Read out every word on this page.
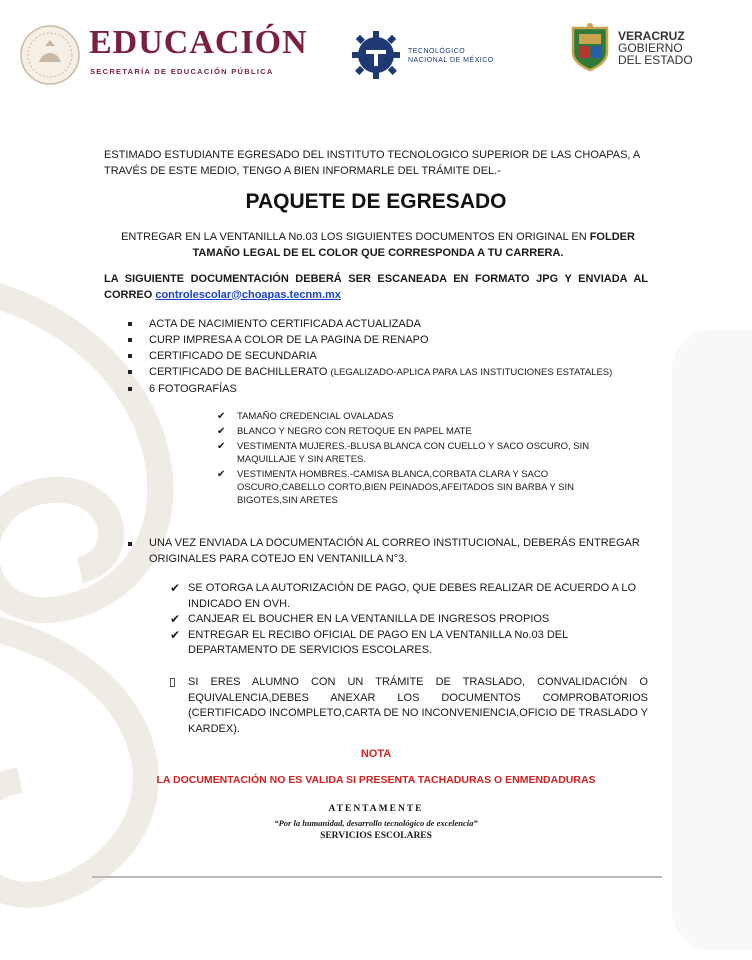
EDUCACIÓN
SECRETARÍA DE EDUCACIÓN PÚBLICA
TECNOLÓGICO
NACIONAL DE MÉXICO
VERACRUZ
GOBIERNO
DEL ESTADO
ESTIMADO ESTUDIANTE EGRESADO DEL INSTITUTO TECNOLOGICO SUPERIOR DE LAS CHOAPAS, A TRAVÉS DE ESTE MEDIO, TENGO A BIEN INFORMARLE DEL TRÁMITE DEL.-
PAQUETE DE EGRESADO
ENTREGAR EN LA VENTANILLA No.03 LOS SIGUIENTES DOCUMENTOS EN ORIGINAL EN FOLDER TAMAÑO LEGAL DE EL COLOR QUE CORRESPONDA A TU CARRERA.
LA SIGUIENTE DOCUMENTACIÓN DEBERÁ SER ESCANEADA EN FORMATO JPG Y ENVIADA AL CORREO controlescolar@choapas.tecnm.mx
ACTA DE NACIMIENTO CERTIFICADA ACTUALIZADA
CURP IMPRESA A COLOR DE LA PAGINA DE RENAPO
CERTIFICADO DE SECUNDARIA
CERTIFICADO DE BACHILLERATO (LEGALIZADO-APLICA PARA LAS INSTITUCIONES ESTATALES)
6 FOTOGRAFÍAS
✔ TAMAÑO CREDENCIAL OVALADAS
✔ BLANCO Y NEGRO CON RETOQUE EN PAPEL MATE
✔ VESTIMENTA MUJERES.-BLUSA BLANCA CON CUELLO Y SACO OSCURO, SIN MAQUILLAJE Y SIN ARETES.
✔ VESTIMENTA HOMBRES.-CAMISA BLANCA,CORBATA CLARA Y SACO OSCURO,CABELLO CORTO,BIEN PEINADOS,AFEITADOS SIN BARBA Y SIN BIGOTES,SIN ARETES
UNA VEZ ENVIADA LA DOCUMENTACIÓN AL CORREO INSTITUCIONAL, DEBERÁS ENTREGAR ORIGINALES PARA COTEJO EN VENTANILLA N°3.
✔ SE OTORGA LA AUTORIZACIÓN DE PAGO, QUE DEBES REALIZAR DE ACUERDO A LO INDICADO EN OVH.
✔ CANJEAR EL BOUCHER EN LA VENTANILLA DE INGRESOS PROPIOS
✔ ENTREGAR EL RECIBO OFICIAL DE PAGO EN LA VENTANILLA No.03 DEL DEPARTAMENTO DE SERVICIOS ESCOLARES.
SI ERES ALUMNO CON UN TRÁMITE DE TRASLADO, CONVALIDACIÓN O EQUIVALENCIA,DEBES ANEXAR LOS DOCUMENTOS COMPROBATORIOS (CERTIFICADO INCOMPLETO,CARTA DE NO INCONVENIENCIA,OFICIO DE TRASLADO Y KARDEX).
NOTA
LA DOCUMENTACIÓN NO ES VALIDA SI PRESENTA TACHADURAS O ENMENDADURAS
ATENTAMENTE
“Por la humanidad, desarrollo tecnológico de excelencia”
SERVICIOS ESCOLARES
